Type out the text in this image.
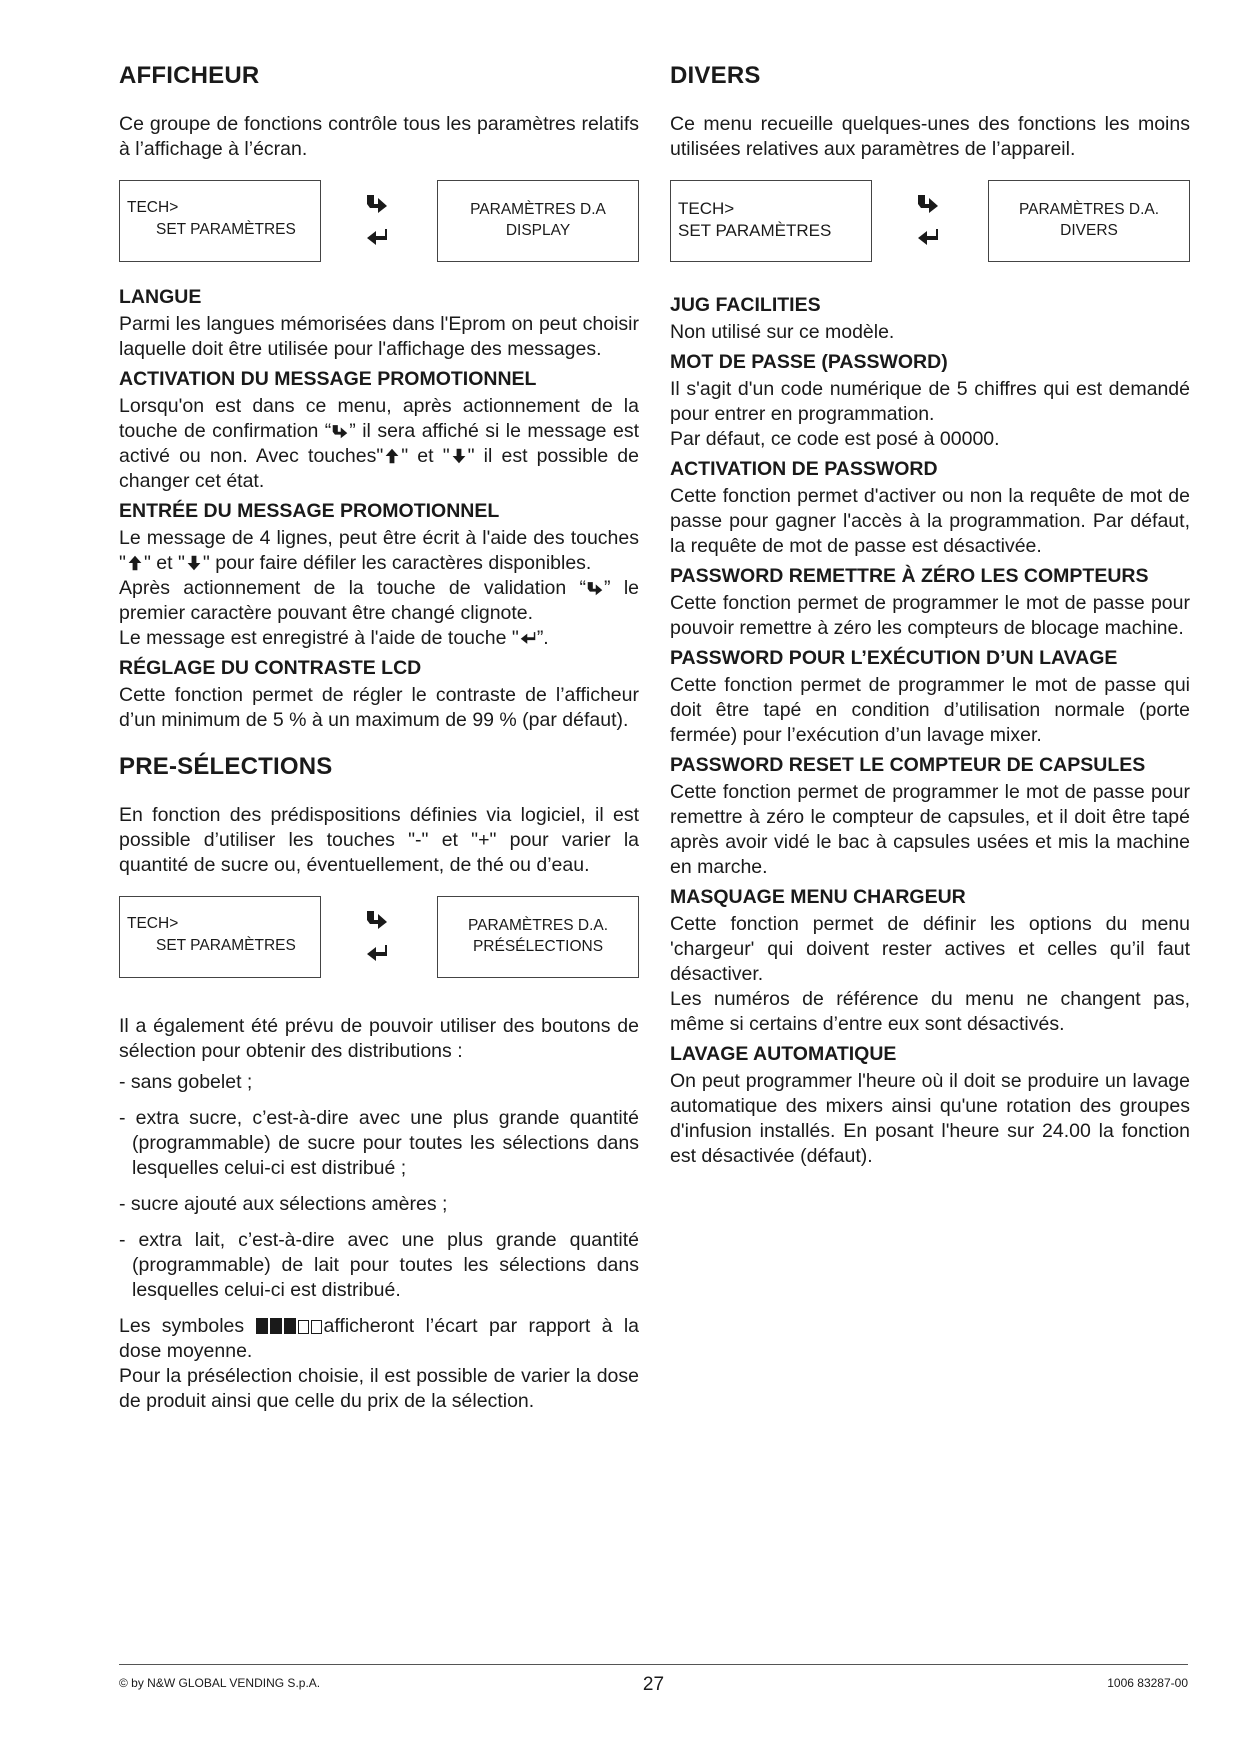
AFFICHEUR

Ce groupe de fonctions contrôle tous les paramètres relatifs à l’affichage à l’écran.

TECH>
SET PARAMÈTRES
PARAMÈTRES D.A
DISPLAY
LANGUE

Parmi les langues mémorisées dans l'Eprom on peut choisir laquelle doit être utilisée pour l'affichage des messages.

ACTIVATION DU MESSAGE PROMOTIONNEL

Lorsqu'on est dans ce menu, après actionnement de la touche de confirmation “ ” il sera affiché si le message est activé ou non. Avec touches" " et " " il est possible de changer cet état.

ENTRÉE DU MESSAGE PROMOTIONNEL

Le message de 4 lignes, peut être écrit à l'aide des touches " " et " " pour faire défiler les caractères disponibles.

Après actionnement de la touche de validation “ ” le premier caractère pouvant être changé clignote.

Le message est enregistré à l'aide de touche " ”.

RÉGLAGE DU CONTRASTE LCD

Cette fonction permet de régler le contraste de l’afficheur d’un minimum de 5 % à un maximum de 99 % (par défaut).

PRE-SÉLECTIONS

En fonction des prédispositions définies via logiciel, il est possible d’utiliser les touches "-" et "+" pour varier la quantité de sucre ou, éventuellement, de thé ou d’eau.

TECH>
SET PARAMÈTRES
PARAMÈTRES D.A.
PRÉSÉLECTIONS

Il a également été prévu de pouvoir utiliser des boutons de sélection pour obtenir des distributions :

- sans gobelet ;
- extra sucre, c’est-à-dire avec une plus grande quantité (programmable) de sucre pour toutes les sélections dans lesquelles celui-ci est distribué ;
- sucre ajouté aux sélections amères ;
- extra lait, c’est-à-dire avec une plus grande quantité (programmable) de lait pour toutes les sélections dans lesquelles celui-ci est distribué.

Les symboles	afficheront l’écart par rapport à la dose moyenne.

Pour la présélection choisie, il est possible de varier la dose de produit ainsi que celle du prix de la sélection.

DIVERS

Ce menu recueille quelques-unes des fonctions les moins utilisées relatives aux paramètres de l’appareil.

TECH>
SET PARAMÈTRES
PARAMÈTRES D.A.
DIVERS
JUG FACILITIES

Non utilisé sur ce modèle.

MOT DE PASSE (PASSWORD)

Il s'agit d'un code numérique de 5 chiffres qui est demandé pour entrer en programmation.

Par défaut, ce code est posé à 00000.

ACTIVATION DE PASSWORD

Cette fonction permet d'activer ou non la requête de mot de passe pour gagner l'accès à la programmation. Par défaut, la requête de mot de passe est désactivée.

PASSWORD REMETTRE À ZÉRO LES COMPTEURS

Cette fonction permet de programmer le mot de passe pour pouvoir remettre à zéro les compteurs de blocage machine.

PASSWORD POUR L’EXÉCUTION D’UN LAVAGE

Cette fonction permet de programmer le mot de passe qui doit être tapé en condition d’utilisation normale (porte fermée) pour l’exécution d’un lavage mixer.

PASSWORD RESET LE COMPTEUR DE CAPSULES

Cette fonction permet de programmer le mot de passe pour remettre à zéro le compteur de capsules, et il doit être tapé après avoir vidé le bac à capsules usées et mis la machine en marche.

MASQUAGE MENU CHARGEUR

Cette fonction permet de définir les options du menu 'chargeur' qui doivent rester actives et celles qu’il faut désactiver.

Les numéros de référence du menu ne changent pas, même si certains d’entre eux sont désactivés.

LAVAGE AUTOMATIQUE

On peut programmer l'heure où il doit se produire un lavage automatique des mixers ainsi qu'une rotation des groupes d'infusion installés. En posant l'heure sur 24.00 la fonction est désactivée (défaut).

© by N&W GLOBAL VENDING S.p.A.	27	1006 83287-00
